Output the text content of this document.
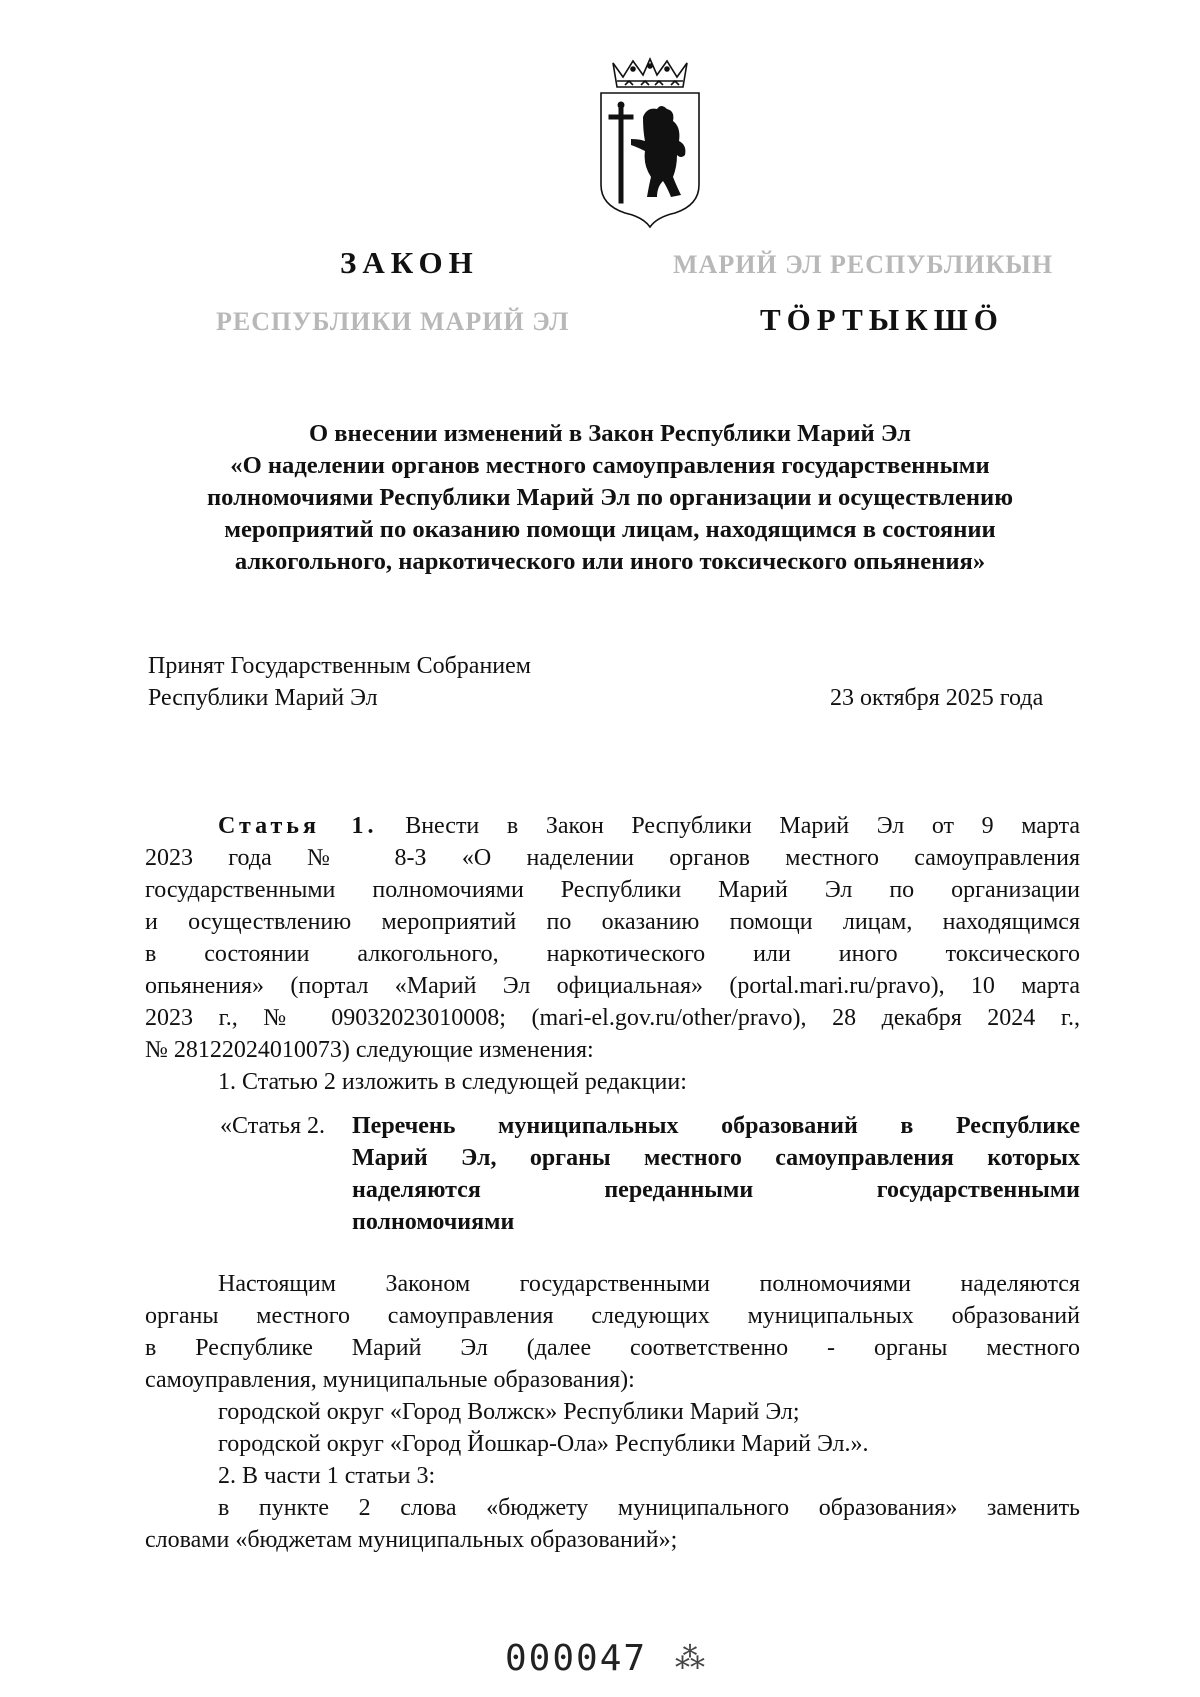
ЗАКОН	МАРИЙ ЭЛ РЕСПУБЛИКЫН
РЕСПУБЛИКИ МАРИЙ ЭЛ	ТӦРТЫКШӦ
О внесении изменений в Закон Республики Марий Эл
«О наделении органов местного самоуправления государственными
полномочиями Республики Марий Эл по организации и осуществлению
мероприятий по оказанию помощи лицам, находящимся в состоянии
алкогольного, наркотического или иного токсического опьянения»
Принят Государственным Собранием
Республики Марий Эл	23 октября 2025 года
Статья 1. Внести в Закон Республики Марий Эл от 9 марта
2023 года № 8-З «О наделении органов местного самоуправления
государственными полномочиями Республики Марий Эл по организации
и осуществлению мероприятий по оказанию помощи лицам, находящимся
в состоянии алкогольного, наркотического или иного токсического
опьянения» (портал «Марий Эл официальная» (portal.mari.ru/pravo), 10 марта
2023 г., № 09032023010008; (mari-el.gov.ru/other/pravo), 28 декабря 2024 г.,
№ 28122024010073) следующие изменения:
1. Статью 2 изложить в следующей редакции:
«Статья 2. Перечень муниципальных образований в Республике
Марий Эл, органы местного самоуправления которых
наделяются переданными государственными
полномочиями
Настоящим Законом государственными полномочиями наделяются
органы местного самоуправления следующих муниципальных образований
в Республике Марий Эл (далее соответственно - органы местного
самоуправления, муниципальные образования):
городской округ «Город Волжск» Республики Марий Эл;
городской округ «Город Йошкар-Ола» Республики Марий Эл.».
2. В части 1 статьи 3:
в пункте 2 слова «бюджету муниципального образования» заменить
словами «бюджетам муниципальных образований»;
000047 ⁂
